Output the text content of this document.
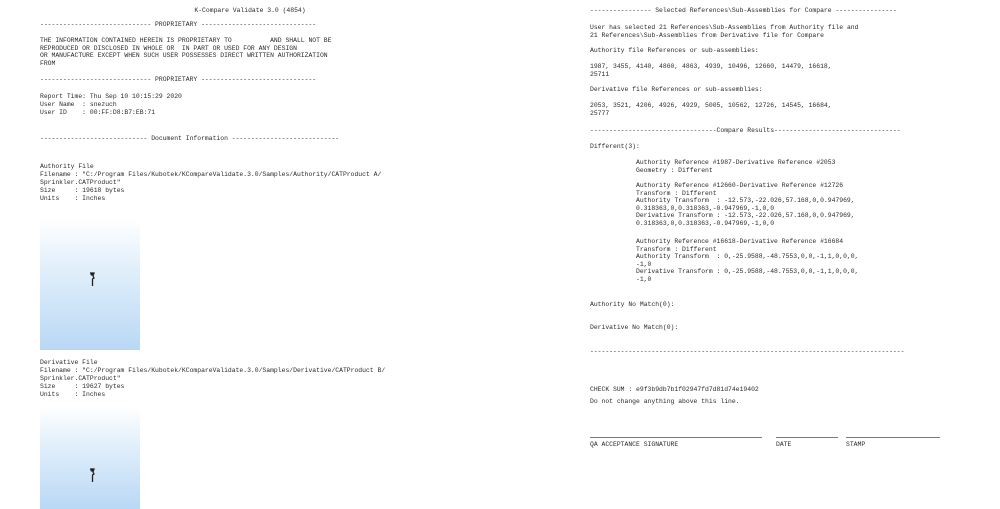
K-Compare Validate 3.0 (4854)
----------------------------- PROPRIETARY ------------------------------
THE INFORMATION CONTAINED HEREIN IS PROPRIETARY TO          AND SHALL NOT BE
REPRODUCED OR DISCLOSED IN WHOLE OR  IN PART OR USED FOR ANY DESIGN
OR MANUFACTURE EXCEPT WHEN SUCH USER POSSESSES DIRECT WRITTEN AUTHORIZATION
FROM
----------------------------- PROPRIETARY ------------------------------
Report Time: Thu Sep 10 10:15:29 2020
User Name  : snezuch
User ID    : 00:FF:D8:B7:EB:71
---------------------------- Document Information ----------------------------
Authority File
Filename : "C:/Program Files/Kubotek/KCompareValidate.3.0/Samples/Authority/CATProduct A/
Sprinkler.CATProduct"
Size     : 19618 bytes
Units    : Inches
Derivative File
Filename : "C:/Program Files/Kubotek/KCompareValidate.3.0/Samples/Derivative/CATProduct B/
Sprinkler.CATProduct"
Size     : 19627 bytes
Units    : Inches
---------------- Selected References\Sub-Assemblies for Compare ----------------
User has selected 21 References\Sub-Assemblies from Authority file and
21 References\Sub-Assemblies from Derivative file for Compare
Authority file References or sub-assemblies:
1987, 3455, 4140, 4860, 4863, 4939, 10496, 12660, 14479, 16618,
25711
Derivative file References or sub-assemblies:
2053, 3521, 4206, 4926, 4929, 5005, 10562, 12726, 14545, 16684,
25777
---------------------------------Compare Results---------------------------------
Different(3):
Authority Reference #1987-Derivative Reference #2053
Geometry : Different
Authority Reference #12660-Derivative Reference #12726
Transform : Different
Authority Transform  : -12.573,-22.026,57.168,0,0.947969,
0.318363,0,0.318363,-0.947969,-1,0,0
Derivative Transform : -12.573,-22.026,57.168,0,0.947969,
0.318363,0,0.318363,-0.947969,-1,0,0
Authority Reference #16618-Derivative Reference #16684
Transform : Different
Authority Transform  : 0,-25.9588,-48.7553,0,0,-1,1,0,0,0,
-1,0
Derivative Transform : 0,-25.9588,-48.7553,0,0,-1,1,0,0,0,
-1,0
Authority No Match(0):
Derivative No Match(0):
----------------------------------------------------------------------------------
CHECK SUM : e9f3b9db7b1f02947fd7d81d74e19402
Do not change anything above this line.
QA ACCEPTANCE SIGNATURE	DATE	STAMP
